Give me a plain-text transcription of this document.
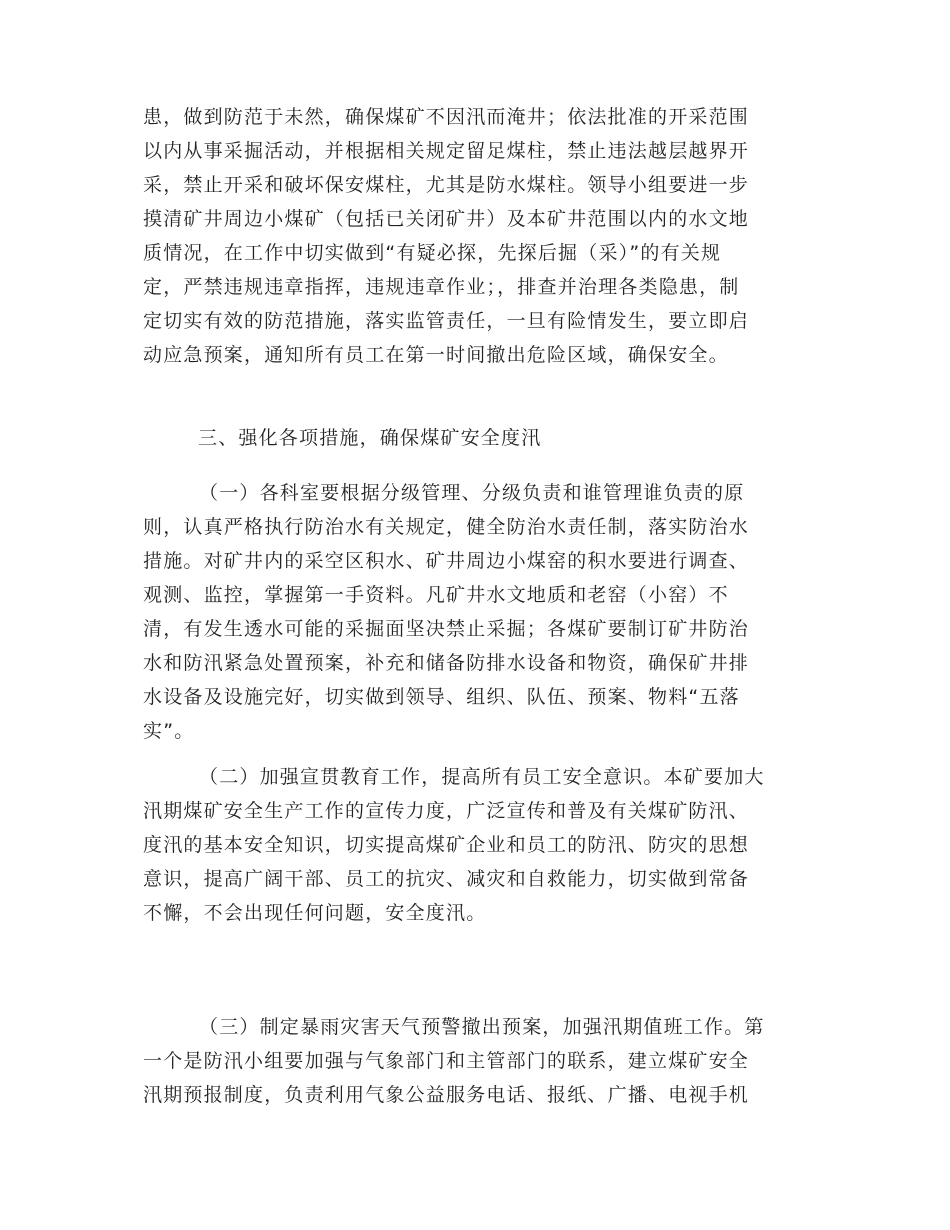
患，做到防范于未然，确保煤矿不因汛而淹井；依法批准的开采范围
以内从事采掘活动，并根据相关规定留足煤柱，禁止违法越层越界开
采，禁止开采和破坏保安煤柱，尤其是防水煤柱。领导小组要进一步
摸清矿井周边小煤矿（包括已关闭矿井）及本矿井范围以内的水文地
质情况，在工作中切实做到“有疑必探，先探后掘（采）”的有关规
定，严禁违规违章指挥，违规违章作业；，排查并治理各类隐患，制
定切实有效的防范措施，落实监管责任，一旦有险情发生，要立即启
动应急预案，通知所有员工在第一时间撤出危险区域，确保安全。
三、强化各项措施，确保煤矿安全度汛
（一）各科室要根据分级管理、分级负责和谁管理谁负责的原
则，认真严格执行防治水有关规定，健全防治水责任制，落实防治水
措施。对矿井内的采空区积水、矿井周边小煤窑的积水要进行调查、
观测、监控，掌握第一手资料。凡矿井水文地质和老窑（小窑）不
清，有发生透水可能的采掘面坚决禁止采掘；各煤矿要制订矿井防治
水和防汛紧急处置预案，补充和储备防排水设备和物资，确保矿井排
水设备及设施完好，切实做到领导、组织、队伍、预案、物料“五落
实”。
（二）加强宣贯教育工作，提高所有员工安全意识。本矿要加大
汛期煤矿安全生产工作的宣传力度，广泛宣传和普及有关煤矿防汛、
度汛的基本安全知识，切实提高煤矿企业和员工的防汛、防灾的思想
意识，提高广阔干部、员工的抗灾、减灾和自救能力，切实做到常备
不懈，不会出现任何问题，安全度汛。
（三）制定暴雨灾害天气预警撤出预案，加强汛期值班工作。第
一个是防汛小组要加强与气象部门和主管部门的联系，建立煤矿安全
汛期预报制度，负责利用气象公益服务电话、报纸、广播、电视手机
